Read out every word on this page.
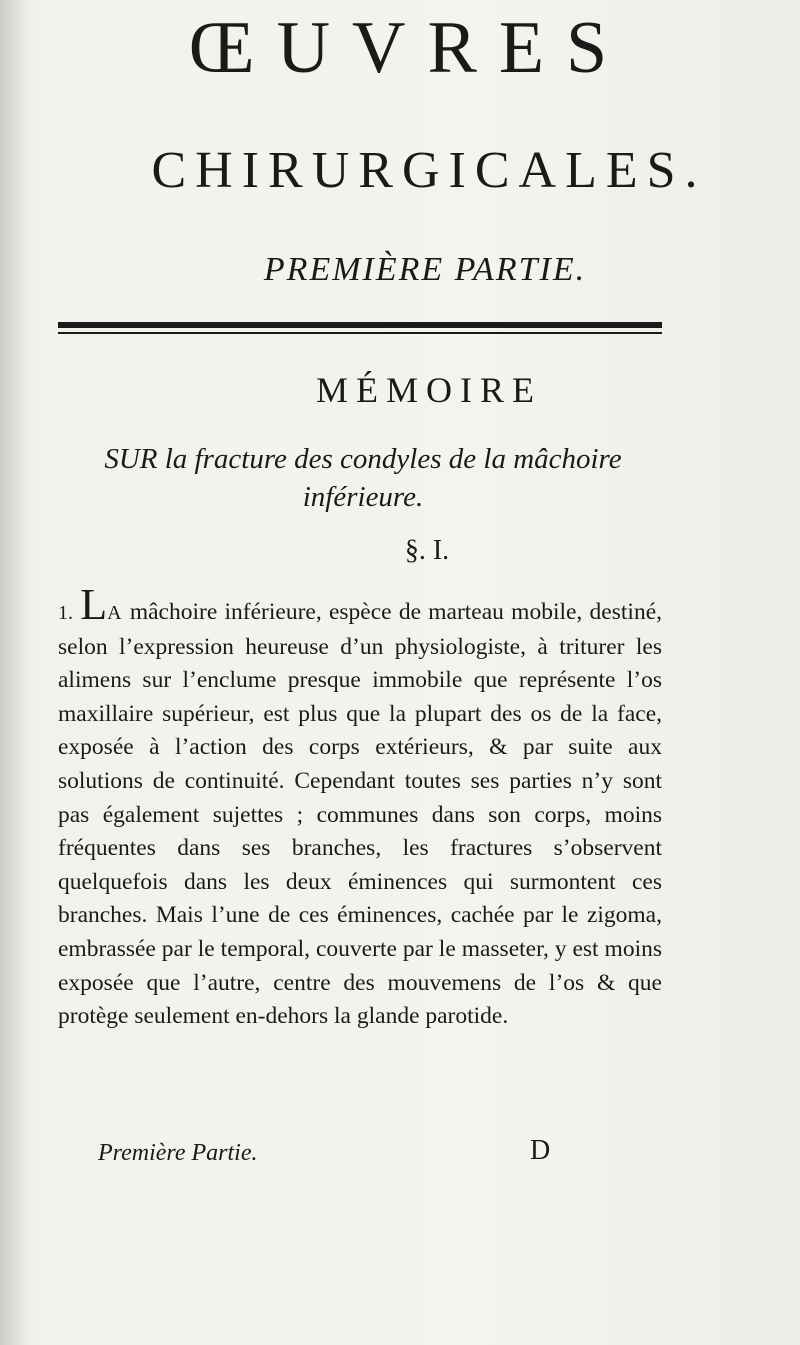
ŒUVRES
CHIRURGICALES.
PREMIÈRE PARTIE.
MÉMOIRE
SUR la fracture des condyles de la mâchoire inférieure.
§. I.
1. LA mâchoire inférieure, espèce de marteau mobile, destiné, selon l’expression heureuse d’un physiologiste, à triturer les alimens sur l’enclume presque immobile que représente l’os maxillaire supérieur, est plus que la plupart des os de la face, exposée à l’action des corps extérieurs, & par suite aux solutions de continuité. Cependant toutes ses parties n’y sont pas également sujettes ; communes dans son corps, moins fréquentes dans ses branches, les fractures s’observent quelquefois dans les deux éminences qui surmontent ces branches. Mais l’une de ces éminences, cachée par le zigoma, embrassée par le temporal, couverte par le masseter, y est moins exposée que l’autre, centre des mouvemens de l’os & que protège seulement en-dehors la glande parotide.
Première Partie.	D
